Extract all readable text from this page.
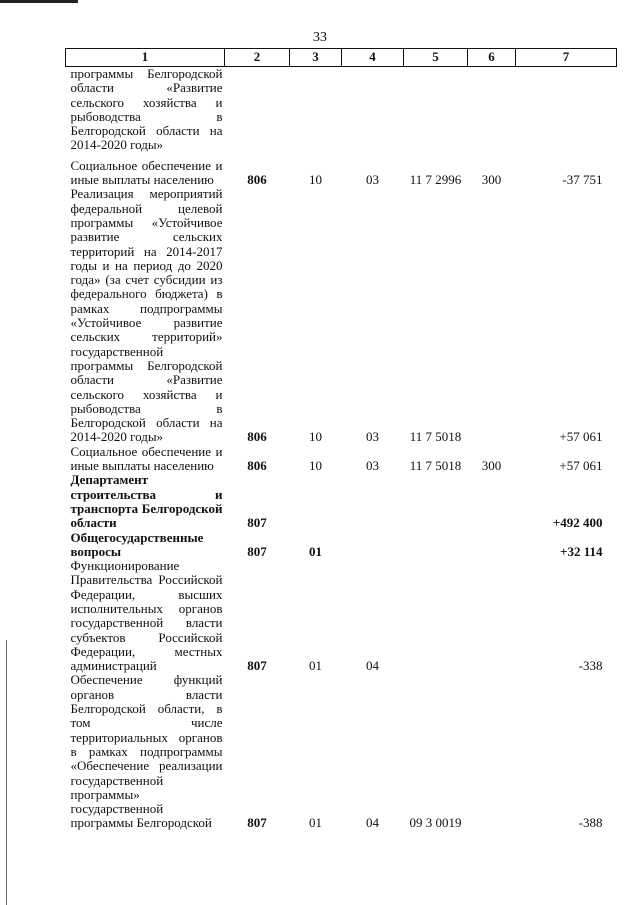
33
1	2	3	4	5	6	7
программы Белгородской области «Развитие сельского хозяйства и рыбоводства в Белгородской области на 2014-2020 годы»						
Социальное обеспечение и иные выплаты населению	806	10	03	11 7 2996	300	-37 751
Реализация мероприятий федеральной целевой программы «Устойчивое развитие сельских территорий на 2014-2017 годы и на период до 2020 года» (за счет субсидии из федерального бюджета) в рамках подпрограммы «Устойчивое развитие сельских территорий» государственной программы Белгородской области «Развитие сельского хозяйства и рыбоводства в Белгородской области на 2014-2020 годы»	806	10	03	11 7 5018		+57 061
Социальное обеспечение и иные выплаты населению	806	10	03	11 7 5018	300	+57 061
Департамент строительства и транспорта Белгородской области	807					+492 400
Общегосударственные вопросы	807	01				+32 114
Функционирование Правительства Российской Федерации, высших исполнительных органов государственной власти субъектов Российской Федерации, местных администраций	807	01	04			-338
Обеспечение функций органов власти Белгородской области, в том числе территориальных органов в рамках подпрограммы «Обеспечение реализации государственной программы» государственной программы Белгородской	807	01	04	09 3 0019		-388
